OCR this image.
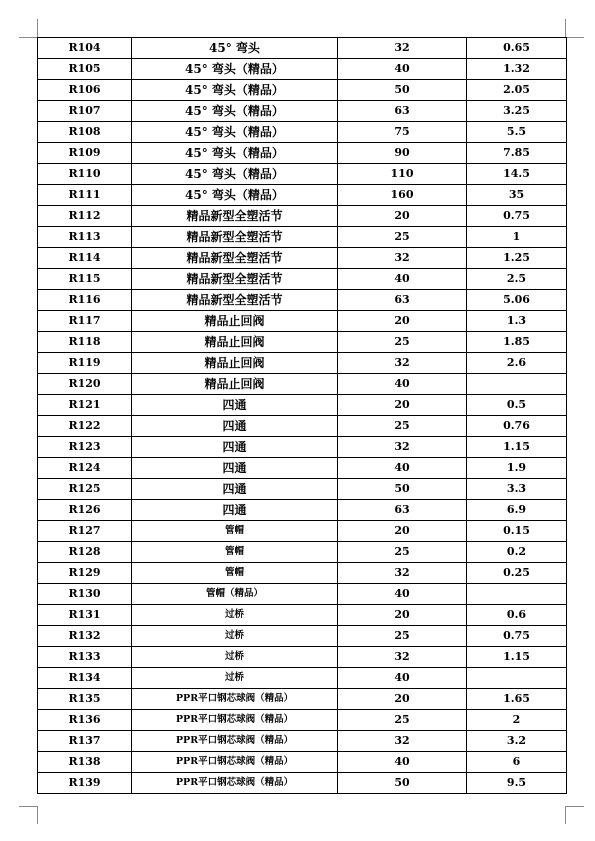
R104	45° 弯头	32	0.65
R105	45° 弯头（精品）	40	1.32
R106	45° 弯头（精品）	50	2.05
R107	45° 弯头（精品）	63	3.25
R108	45° 弯头（精品）	75	5.5
R109	45° 弯头（精品）	90	7.85
R110	45° 弯头（精品）	110	14.5
R111	45° 弯头（精品）	160	35
R112	精品新型全塑活节	20	0.75
R113	精品新型全塑活节	25	1
R114	精品新型全塑活节	32	1.25
R115	精品新型全塑活节	40	2.5
R116	精品新型全塑活节	63	5.06
R117	精品止回阀	20	1.3
R118	精品止回阀	25	1.85
R119	精品止回阀	32	2.6
R120	精品止回阀	40	
R121	四通	20	0.5
R122	四通	25	0.76
R123	四通	32	1.15
R124	四通	40	1.9
R125	四通	50	3.3
R126	四通	63	6.9
R127	管帽	20	0.15
R128	管帽	25	0.2
R129	管帽	32	0.25
R130	管帽（精品）	40	
R131	过桥	20	0.6
R132	过桥	25	0.75
R133	过桥	32	1.15
R134	过桥	40	
R135	PPR平口钢芯球阀（精品）	20	1.65
R136	PPR平口钢芯球阀（精品）	25	2
R137	PPR平口钢芯球阀（精品）	32	3.2
R138	PPR平口钢芯球阀（精品）	40	6
R139	PPR平口钢芯球阀（精品）	50	9.5
